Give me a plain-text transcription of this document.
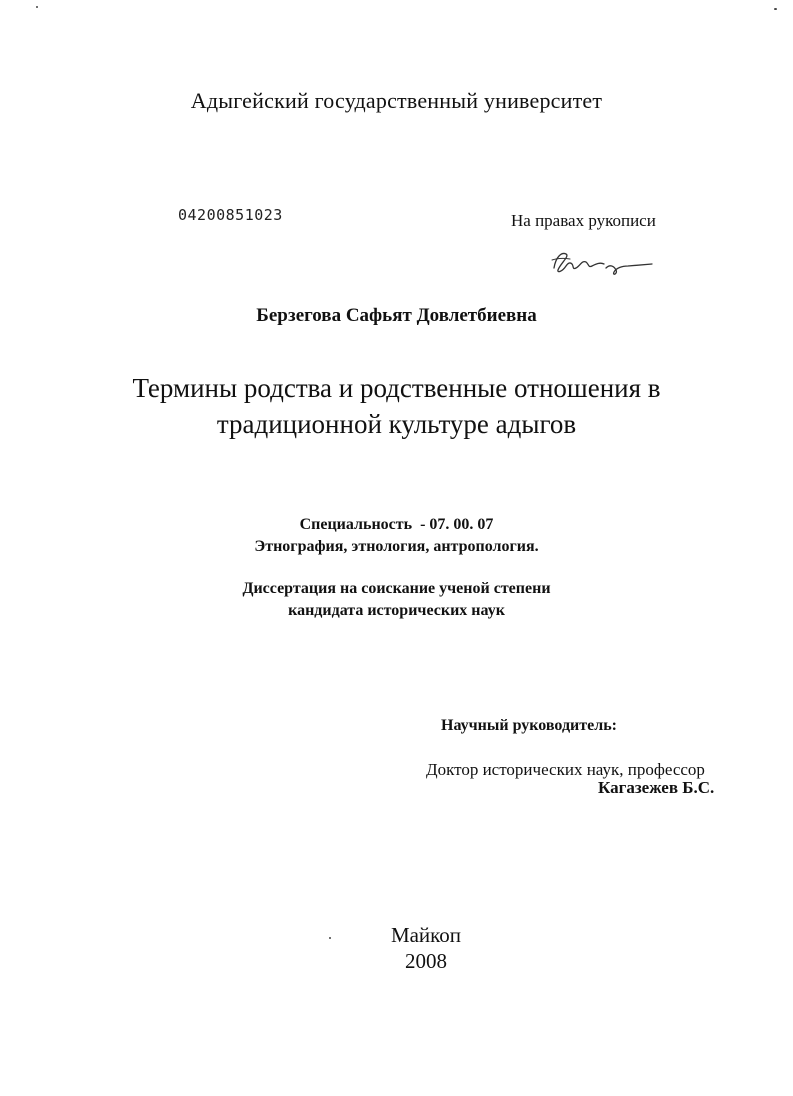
Адыгейский государственный университет
04200851023	На правах рукописи
Берзегова Сафьят Довлетбиевна
Термины родства и родственные отношения в
традиционной культуре адыгов
Специальность  - 07. 00. 07
Этнография, этнология, антропология.
Диссертация на соискание ученой степени
кандидата исторических наук
Научный руководитель:
Доктор исторических наук, профессор
Кагазежев Б.С.
Майкоп
2008
